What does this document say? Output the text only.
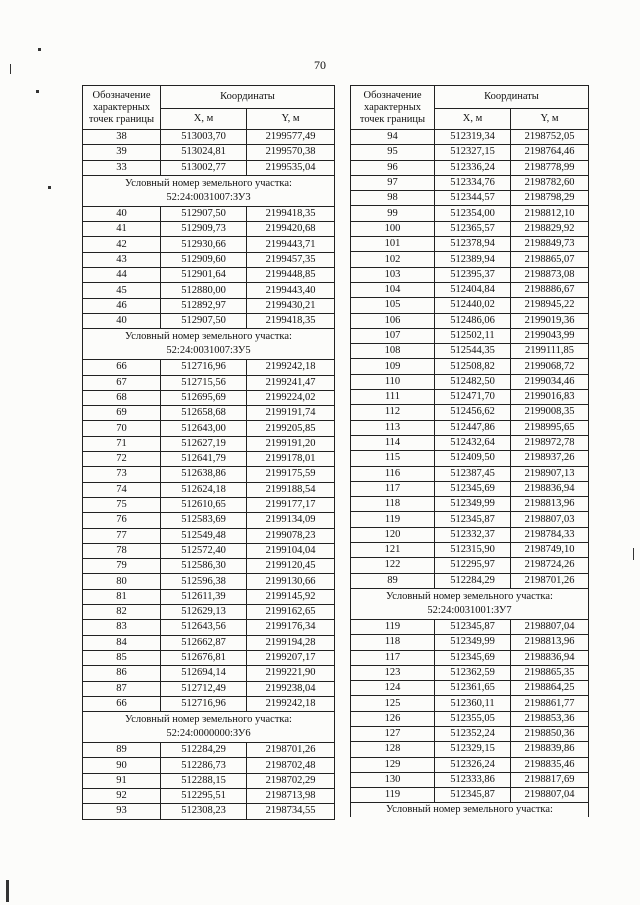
70
Обозначение характерных точек границы	Координаты	
	X, м	Y, м
38	513003,70	2199577,49
39	513024,81	2199570,38
33	513002,77	2199535,04
Условный номер земельного участка: 52:24:0031007:ЗУ3		
40	512907,50	2199418,35
41	512909,73	2199420,68
42	512930,66	2199443,71
43	512909,60	2199457,35
44	512901,64	2199448,85
45	512880,00	2199443,40
46	512892,97	2199430,21
40	512907,50	2199418,35
Условный номер земельного участка: 52:24:0031007:ЗУ5		
66	512716,96	2199242,18
67	512715,56	2199241,47
68	512695,69	2199224,02
69	512658,68	2199191,74
70	512643,00	2199205,85
71	512627,19	2199191,20
72	512641,79	2199178,01
73	512638,86	2199175,59
74	512624,18	2199188,54
75	512610,65	2199177,17
76	512583,69	2199134,09
77	512549,48	2199078,23
78	512572,40	2199104,04
79	512586,30	2199120,45
80	512596,38	2199130,66
81	512611,39	2199145,92
82	512629,13	2199162,65
83	512643,56	2199176,34
84	512662,87	2199194,28
85	512676,81	2199207,17
86	512694,14	2199221,90
87	512712,49	2199238,04
66	512716,96	2199242,18
Условный номер земельного участка: 52:24:0000000:ЗУ6		
89	512284,29	2198701,26
90	512286,73	2198702,48
91	512288,15	2198702,29
92	512295,51	2198713,98
93	512308,23	2198734,55
Обозначение характерных точек границы	Координаты	
	X, м	Y, м
94	512319,34	2198752,05
95	512327,15	2198764,46
96	512336,24	2198778,99
97	512334,76	2198782,60
98	512344,57	2198798,29
99	512354,00	2198812,10
100	512365,57	2198829,92
101	512378,94	2198849,73
102	512389,94	2198865,07
103	512395,37	2198873,08
104	512404,84	2198886,67
105	512440,02	2198945,22
106	512486,06	2199019,36
107	512502,11	2199043,99
108	512544,35	2199111,85
109	512508,82	2199068,72
110	512482,50	2199034,46
111	512471,70	2199016,83
112	512456,62	2199008,35
113	512447,86	2198995,65
114	512432,64	2198972,78
115	512409,50	2198937,26
116	512387,45	2198907,13
117	512345,69	2198836,94
118	512349,99	2198813,96
119	512345,87	2198807,03
120	512332,37	2198784,33
121	512315,90	2198749,10
122	512295,97	2198724,26
89	512284,29	2198701,26
Условный номер земельного участка: 52:24:0031001:ЗУ7		
119	512345,87	2198807,04
118	512349,99	2198813,96
117	512345,69	2198836,94
123	512362,59	2198865,35
124	512361,65	2198864,25
125	512360,11	2198861,77
126	512355,05	2198853,36
127	512352,24	2198850,36
128	512329,15	2198839,86
129	512326,24	2198835,46
130	512333,86	2198817,69
119	512345,87	2198807,04
Условный номер земельного участка:		
